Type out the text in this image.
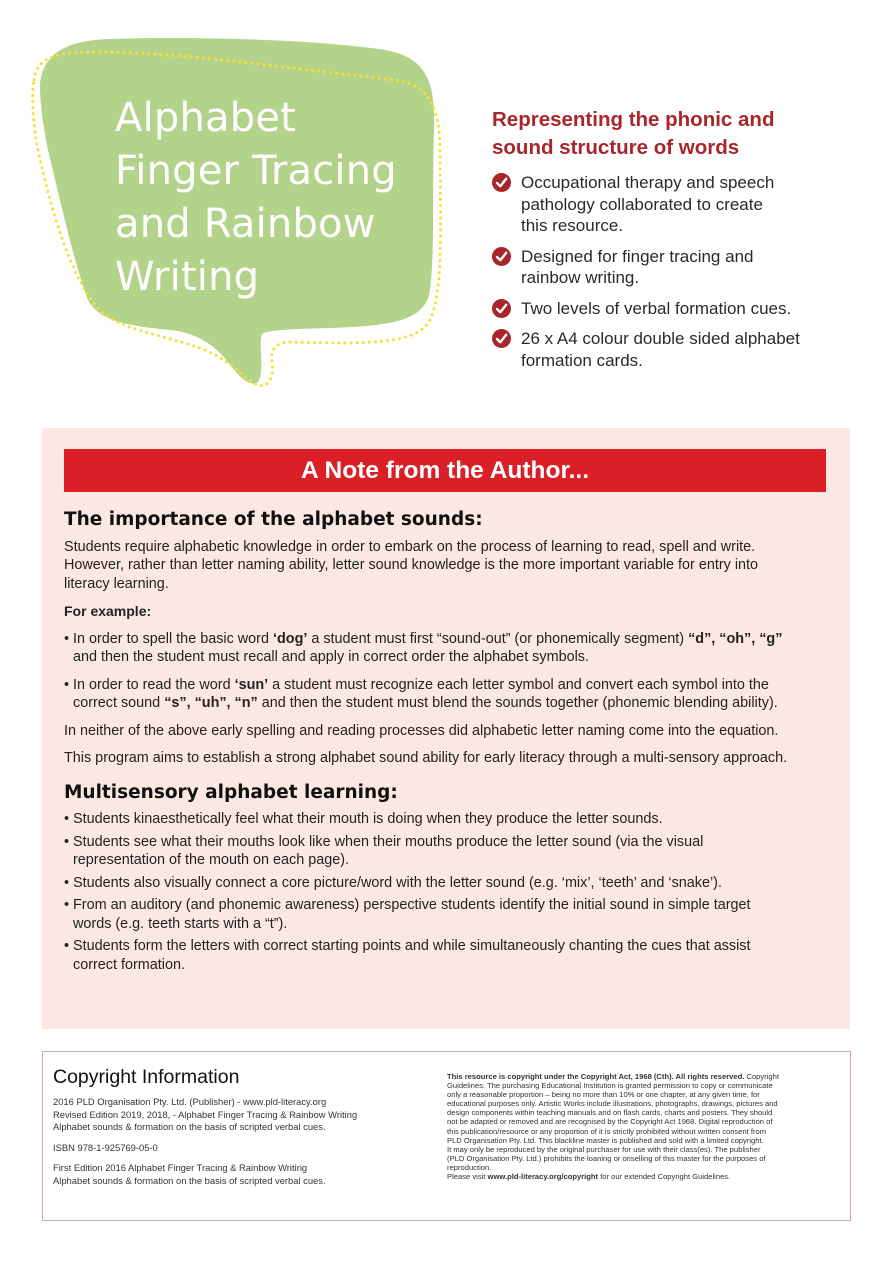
Alphabet
Finger Tracing
and Rainbow
Writing
Representing the phonic and
sound structure of words
Occupational therapy and speech
pathology collaborated to create
this resource.
Designed for finger tracing and
rainbow writing.
Two levels of verbal formation cues.
26 x A4 colour double sided alphabet
formation cards.
A Note from the Author...
The importance of the alphabet sounds:

Students require alphabetic knowledge in order to embark on the process of learning to read, spell and write.
However, rather than letter naming ability, letter sound knowledge is the more important variable for entry into
literacy learning.

For example:
• In order to spell the basic word ‘dog’ a student must first “sound-out” (or phonemically segment) “d”, “oh”, “g”
and then the student must recall and apply in correct order the alphabet symbols.
• In order to read the word ‘sun’ a student must recognize each letter symbol and convert each symbol into the
correct sound “s”, “uh”, “n” and then the student must blend the sounds together (phonemic blending ability).

In neither of the above early spelling and reading processes did alphabetic letter naming come into the equation.

This program aims to establish a strong alphabet sound ability for early literacy through a multi-sensory approach.

Multisensory alphabet learning:
• Students kinaesthetically feel what their mouth is doing when they produce the letter sounds.
• Students see what their mouths look like when their mouths produce the letter sound (via the visual
representation of the mouth on each page).
• Students also visually connect a core picture/word with the letter sound (e.g. ‘mix’, ‘teeth’ and ‘snake’).
• From an auditory (and phonemic awareness) perspective students identify the initial sound in simple target
words (e.g. teeth starts with a “t”).
• Students form the letters with correct starting points and while simultaneously chanting the cues that assist
correct formation.
Copyright Information
2016 PLD Organisation Pty. Ltd. (Publisher) - www.pld-literacy.org
Revised Edition 2019, 2018, - Alphabet Finger Tracing & Rainbow Writing
Alphabet sounds & formation on the basis of scripted verbal cues.
ISBN 978-1-925769-05-0
First Edition 2016 Alphabet Finger Tracing & Rainbow Writing
Alphabet sounds & formation on the basis of scripted verbal cues.
This resource is copyright under the Copyright Act, 1968 (Cth). All rights reserved. Copyright
Guidelines: The purchasing Educational Institution is granted permission to copy or communicate
only a reasonable proportion – being no more than 10% or one chapter, at any given time, for
educational purposes only. Artistic Works include illustrations, photographs, drawings, pictures and
design components within teaching manuals and on flash cards, charts and posters. They should
not be adapted or removed and are recognised by the Copyright Act 1968. Digital reproduction of
this publication/resource or any proportion of it is strictly prohibited without written consent from
PLD Organisation Pty. Ltd. This blackline master is published and sold with a limited copyright.
It may only be reproduced by the original purchaser for use with their class(es). The publisher
(PLD Organisation Pty. Ltd.) prohibits the loaning or onselling of this master for the purposes of
reproduction.
Please visit www.pld-literacy.org/copyright for our extended Copyright Guidelines.
